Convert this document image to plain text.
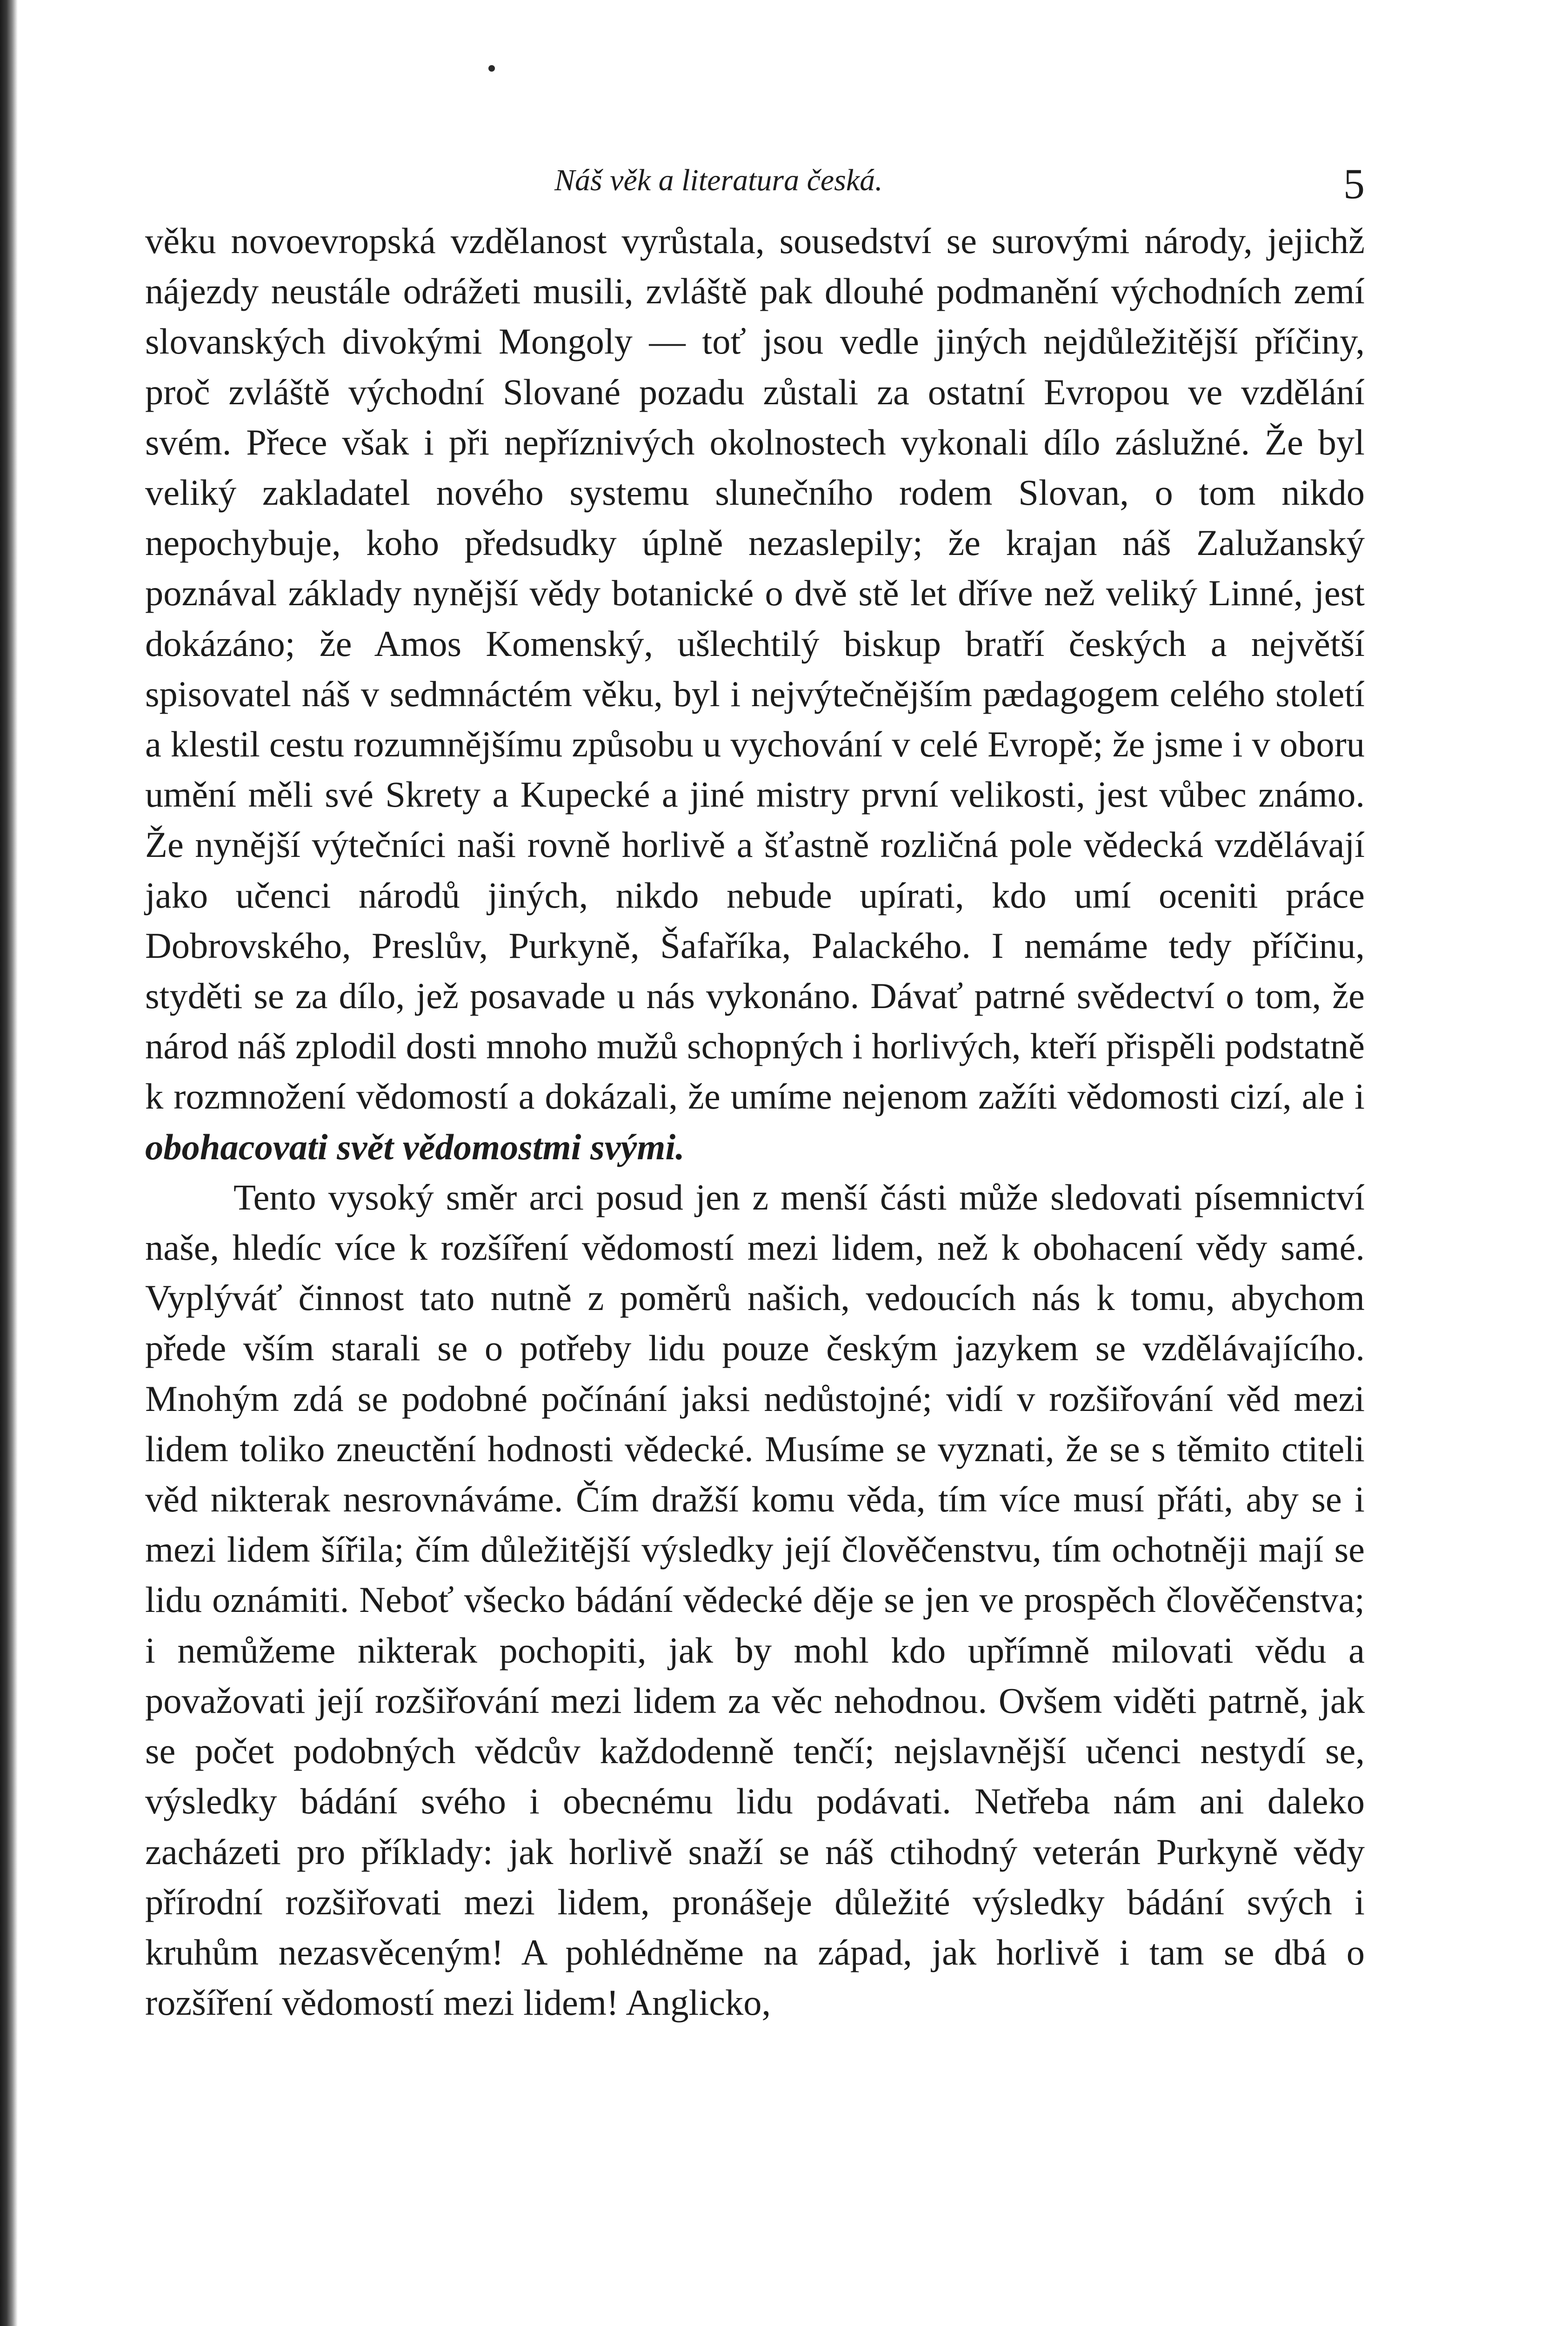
Náš věk a literatura česká.	5

věku novoevropská vzdělanost vyrůstala, sousedství se surovými národy, jejichž nájezdy neustále odrážeti musili, zvláště pak dlouhé podmanění východních zemí slovanských divokými Mongoly — toť jsou vedle jiných nejdůležitější příčiny, proč zvláště východní Slované pozadu zůstali za ostatní Evropou ve vzdělání svém. Přece však i při nepříznivých okolnostech vykonali dílo záslužné. Že byl veliký zakladatel nového systemu slunečního rodem Slovan, o tom nikdo nepochybuje, koho předsudky úplně nezaslepily; že krajan náš Zalužanský poznával základy nynější vědy botanické o dvě stě let dříve než veliký Linné, jest dokázáno; že Amos Komenský, ušlechtilý biskup bratří českých a největší spisovatel náš v sedmnáctém věku, byl i nejvýtečnějším pædagogem celého století a klestil cestu rozumnějšímu způsobu u vychování v celé Evropě; že jsme i v oboru umění měli své Skrety a Kupecké a jiné mistry první velikosti, jest vůbec známo. Že nynější výtečníci naši rovně horlivě a šťastně rozličná pole vědecká vzdělávají jako učenci národů jiných, nikdo nebude upírati, kdo umí oceniti práce Dobrovského, Preslův, Purkyně, Šafaříka, Palackého. I nemáme tedy příčinu, styděti se za dílo, jež posavade u nás vykonáno. Dávať patrné svědectví o tom, že národ náš zplodil dosti mnoho mužů schopných i horlivých, kteří přispěli podstatně k rozmnožení vědomostí a dokázali, že umíme nejenom zažíti vědomosti cizí, ale i obohacovati svět vědomostmi svými.

Tento vysoký směr arci posud jen z menší části může sledovati písemnictví naše, hledíc více k rozšíření vědomostí mezi lidem, než k obohacení vědy samé. Vyplýváť činnost tato nutně z poměrů našich, vedoucích nás k tomu, abychom přede vším starali se o potřeby lidu pouze českým jazykem se vzdělávajícího. Mnohým zdá se podobné počínání jaksi nedůstojné; vidí v rozšiřování věd mezi lidem toliko zneuctění hodnosti vědecké. Musíme se vyznati, že se s těmito ctiteli věd nikterak nesrovnáváme. Čím dražší komu věda, tím více musí přáti, aby se i mezi lidem šířila; čím důležitější výsledky její člověčenstvu, tím ochotněji mají se lidu oznámiti. Neboť všecko bádání vědecké děje se jen ve prospěch člověčenstva; i nemůžeme nikterak pochopiti, jak by mohl kdo upřímně milovati vědu a považovati její rozšiřování mezi lidem za věc nehodnou. Ovšem viděti patrně, jak se počet podobných vědcův každodenně tenčí; nejslavnější učenci nestydí se, výsledky bádání svého i obecnému lidu podávati. Netřeba nám ani daleko zacházeti pro příklady: jak horlivě snaží se náš ctihodný veterán Purkyně vědy přírodní rozšiřovati mezi lidem, pronášeje důležité výsledky bádání svých i kruhům nezasvěceným! A pohlédněme na západ, jak horlivě i tam se dbá o rozšíření vědomostí mezi lidem! Anglicko,
